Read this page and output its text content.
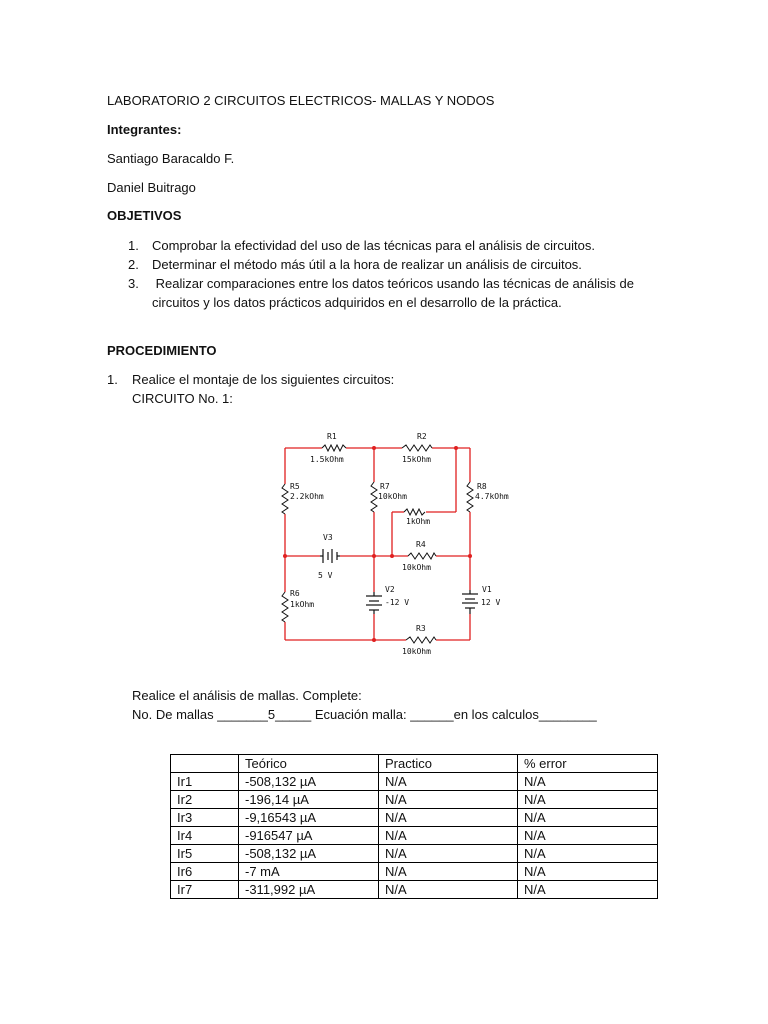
LABORATORIO 2 CIRCUITOS ELECTRICOS- MALLAS Y NODOS
Integrantes:
Santiago Baracaldo F.
Daniel Buitrago
OBJETIVOS
1. Comprobar la efectividad del uso de las técnicas para el análisis de circuitos.
2. Determinar el método más útil a la hora de realizar un análisis de circuitos.
3. Realizar comparaciones entre los datos teóricos usando las técnicas de análisis de
circuitos y los datos prácticos adquiridos en el desarrollo de la práctica.
PROCEDIMIENTO
1. Realice el montaje de los siguientes circuitos:
CIRCUITO No. 1:
R1
1.5kOhm
R2
15kOhm
R5
2.2kOhm
R7
10kOhm
R8
4.7kOhm
1kOhm
V3
5 V
R4
10kOhm
R6
1kOhm
V2
-12 V
V1
12 V
R3
10kOhm
Realice el análisis de mallas. Complete:
No. De mallas _______5_____ Ecuación malla: ______en los calculos________
	Teórico	Practico	% error
Ir1	-508,132 µA	N/A	N/A
Ir2	-196,14 µA	N/A	N/A
Ir3	-9,16543 µA	N/A	N/A
Ir4	-916547 µA	N/A	N/A
Ir5	-508,132 µA	N/A	N/A
Ir6	-7 mA	N/A	N/A
Ir7	-311,992 µA	N/A	N/A
